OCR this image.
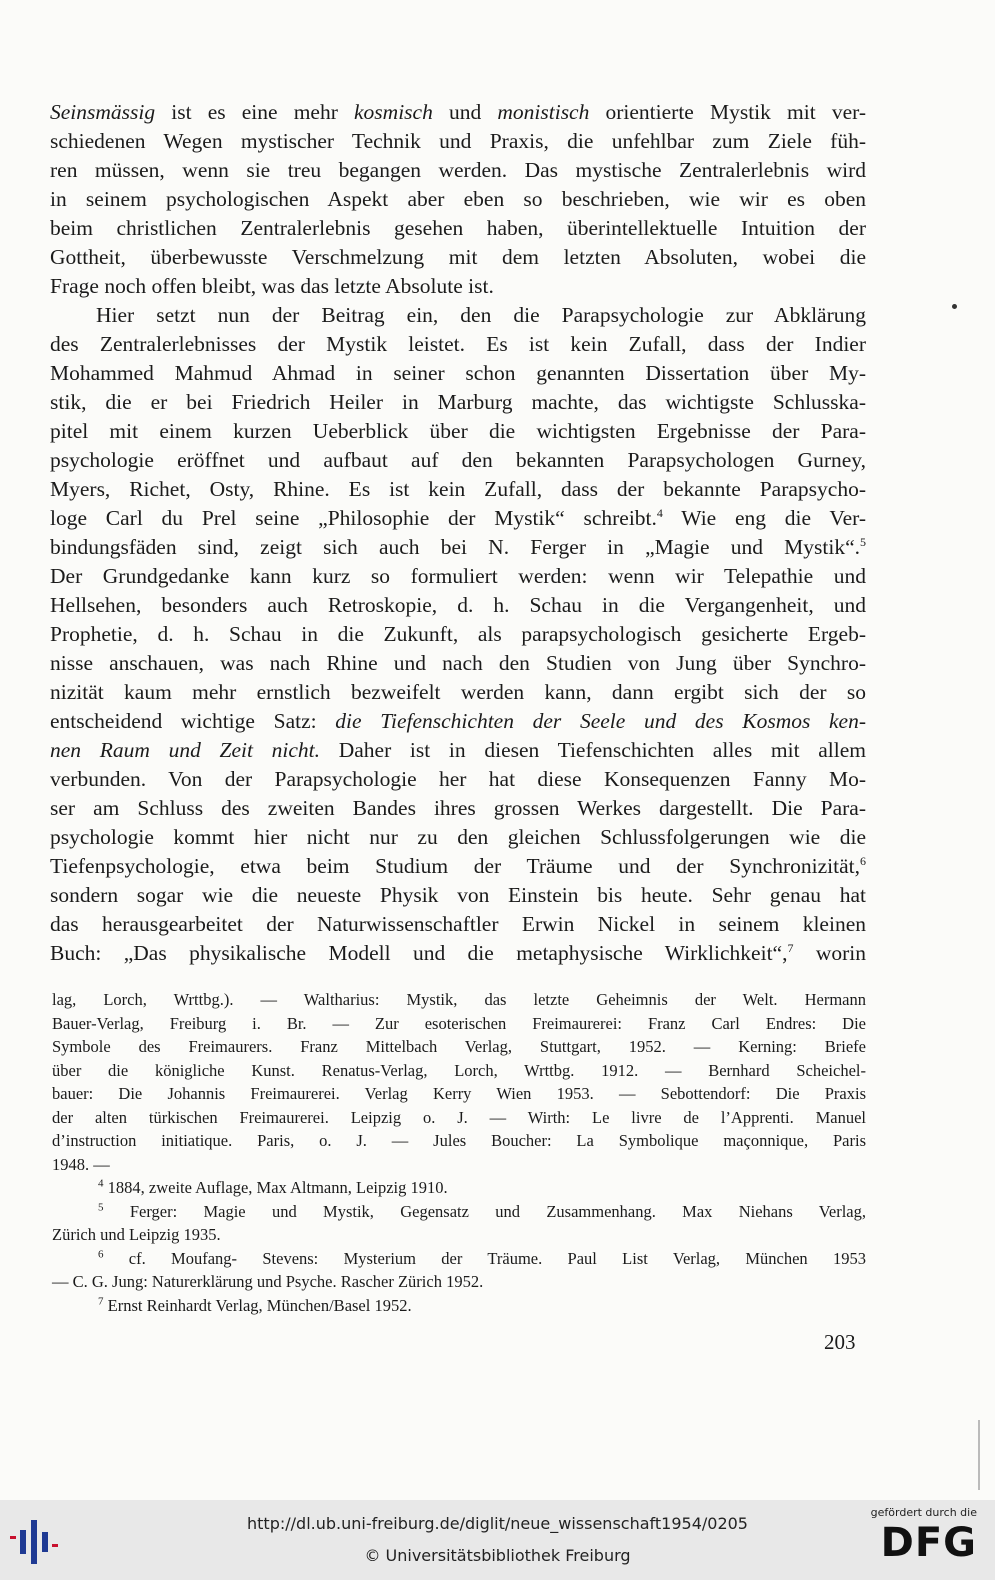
Seinsmässig ist es eine mehr kosmisch und monistisch orientierte Mystik mit ver-
schiedenen Wegen mystischer Technik und Praxis, die unfehlbar zum Ziele füh-
ren müssen, wenn sie treu begangen werden. Das mystische Zentralerlebnis wird
in seinem psychologischen Aspekt aber eben so beschrieben, wie wir es oben
beim christlichen Zentralerlebnis gesehen haben, überintellektuelle Intuition der
Gottheit, überbewusste Verschmelzung mit dem letzten Absoluten, wobei die
Frage noch offen bleibt, was das letzte Absolute ist.
Hier setzt nun der Beitrag ein, den die Parapsychologie zur Abklärung
des Zentralerlebnisses der Mystik leistet. Es ist kein Zufall, dass der Indier
Mohammed Mahmud Ahmad in seiner schon genannten Dissertation über My-
stik, die er bei Friedrich Heiler in Marburg machte, das wichtigste Schlusska-
pitel mit einem kurzen Ueberblick über die wichtigsten Ergebnisse der Para-
psychologie eröffnet und aufbaut auf den bekannten Parapsychologen Gurney,
Myers, Richet, Osty, Rhine. Es ist kein Zufall, dass der bekannte Parapsycho-
loge Carl du Prel seine „Philosophie der Mystik“ schreibt.$^4$ Wie eng die Ver-
bindungsfäden sind, zeigt sich auch bei N. Ferger in „Magie und Mystik“.$^5$
Der Grundgedanke kann kurz so formuliert werden: wenn wir Telepathie und
Hellsehen, besonders auch Retroskopie, d. h. Schau in die Vergangenheit, und
Prophetie, d. h. Schau in die Zukunft, als parapsychologisch gesicherte Ergeb-
nisse anschauen, was nach Rhine und nach den Studien von Jung über Synchro-
nizität kaum mehr ernstlich bezweifelt werden kann, dann ergibt sich der so
entscheidend wichtige Satz: die Tiefenschichten der Seele und des Kosmos ken-
nen Raum und Zeit nicht. Daher ist in diesen Tiefenschichten alles mit allem
verbunden. Von der Parapsychologie her hat diese Konsequenzen Fanny Mo-
ser am Schluss des zweiten Bandes ihres grossen Werkes dargestellt. Die Para-
psychologie kommt hier nicht nur zu den gleichen Schlussfolgerungen wie die
Tiefenpsychologie, etwa beim Studium der Träume und der Synchronizität,$^6$
sondern sogar wie die neueste Physik von Einstein bis heute. Sehr genau hat
das herausgearbeitet der Naturwissenschaftler Erwin Nickel in seinem kleinen
Buch: „Das physikalische Modell und die metaphysische Wirklichkeit“,$^7$ worin
lag, Lorch, Wrttbg.). — Waltharius: Mystik, das letzte Geheimnis der Welt. Hermann
Bauer-Verlag, Freiburg i. Br. — Zur esoterischen Freimaurerei: Franz Carl Endres: Die
Symbole des Freimaurers. Franz Mittelbach Verlag, Stuttgart, 1952. — Kerning: Briefe
über die königliche Kunst. Renatus-Verlag, Lorch, Wrttbg. 1912. — Bernhard Scheichel-
bauer: Die Johannis Freimaurerei. Verlag Kerry Wien 1953. — Sebottendorf: Die Praxis
der alten türkischen Freimaurerei. Leipzig o. J. — Wirth: Le livre de l’Apprenti. Manuel
d’instruction initiatique. Paris, o. J. — Jules Boucher: La Symbolique maçonnique, Paris
1948. —
$^4$ 1884, zweite Auflage, Max Altmann, Leipzig 1910.
$^5$ Ferger: Magie und Mystik, Gegensatz und Zusammenhang. Max Niehans Verlag,
Zürich und Leipzig 1935.
$^6$ cf. Moufang- Stevens: Mysterium der Träume. Paul List Verlag, München 1953
— C. G. Jung: Naturerklärung und Psyche. Rascher Zürich 1952.
$^7$ Ernst Reinhardt Verlag, München/Basel 1952.
203
http://dl.ub.uni-freiburg.de/diglit/neue_wissenschaft1954/0205
© Universitätsbibliothek Freiburg
gefördert durch die
DFG
